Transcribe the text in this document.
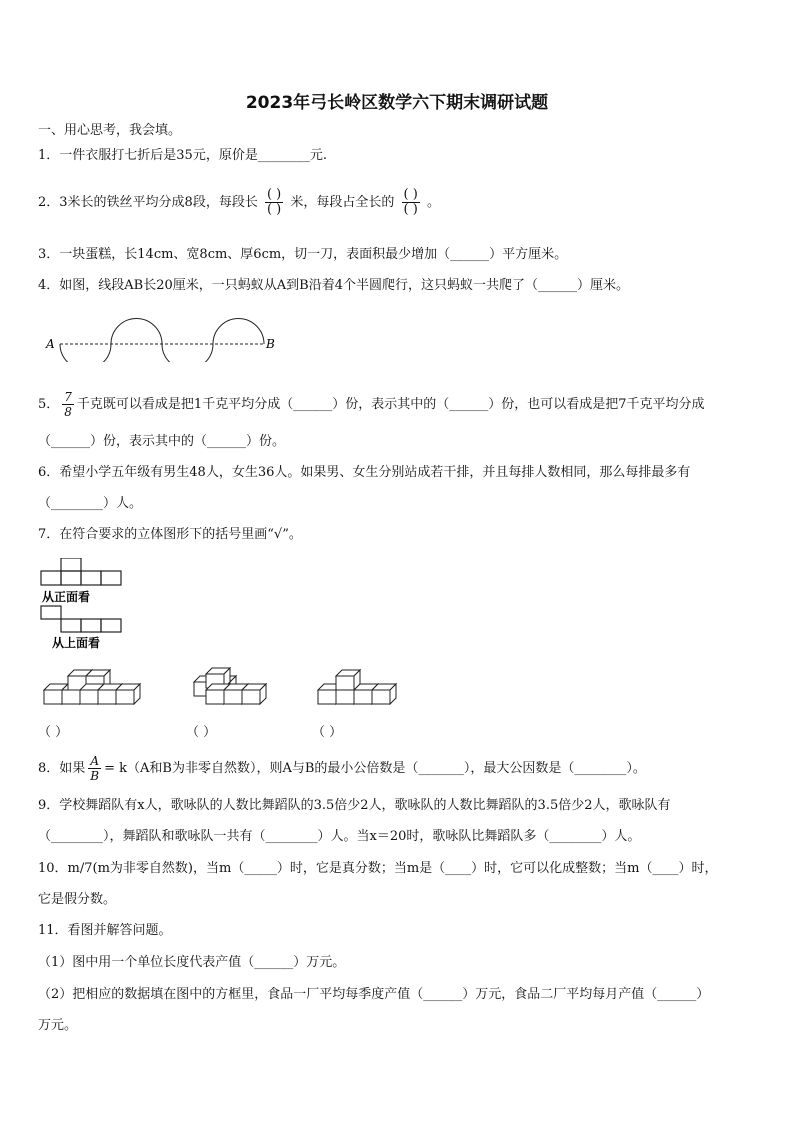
2023年弓长岭区数学六下期末调研试题
一、用心思考，我会填。
1．一件衣服打七折后是35元，原价是________元.
2．3米长的铁丝平均分成8段，每段长 $\frac{( )}{( )}$ 米，每段占全长的 $\frac{( )}{( )}$ 。
3．一块蛋糕，长14cm、宽8cm、厚6cm，切一刀，表面积最少增加（______）平方厘米。
4．如图，线段AB长20厘米，一只蚂蚁从A到B沿着4个半圆爬行，这只蚂蚁一共爬了（______）厘米。
A	B
5． $\frac{7}{8}$ 千克既可以看成是把1千克平均分成（______）份，表示其中的（______）份，也可以看成是把7千克平均分成
（______）份，表示其中的（______）份。
6．希望小学五年级有男生48人，女生36人。如果男、女生分别站成若干排，并且每排人数相同，那么每排最多有
（________）人。
7．在符合要求的立体图形下的括号里画“√”。
从正面看
从上面看
（ ）	（ ）	（ ）
8．如果 $\frac{A}{B} = k(A$和B为非零自然数），则A与B的最小公倍数是（_______），最大公因数是（________）。
9．学校舞蹈队有x人，歌咏队的人数比舞蹈队的3.5倍少2人，歌咏队的人数比舞蹈队的3.5倍少2人，歌咏队有
（________），舞蹈队和歌咏队一共有（________）人。当x＝20时，歌咏队比舞蹈队多（________）人。
10．m/7(m为非零自然数)，当m（_____）时，它是真分数；当m是（____）时，它可以化成整数；当m（____）时，
它是假分数。
11．看图并解答问题。
（1）图中用一个单位长度代表产值（______）万元。
（2）把相应的数据填在图中的方框里，食品一厂平均每季度产值（______）万元，食品二厂平均每月产值（______）
万元。
